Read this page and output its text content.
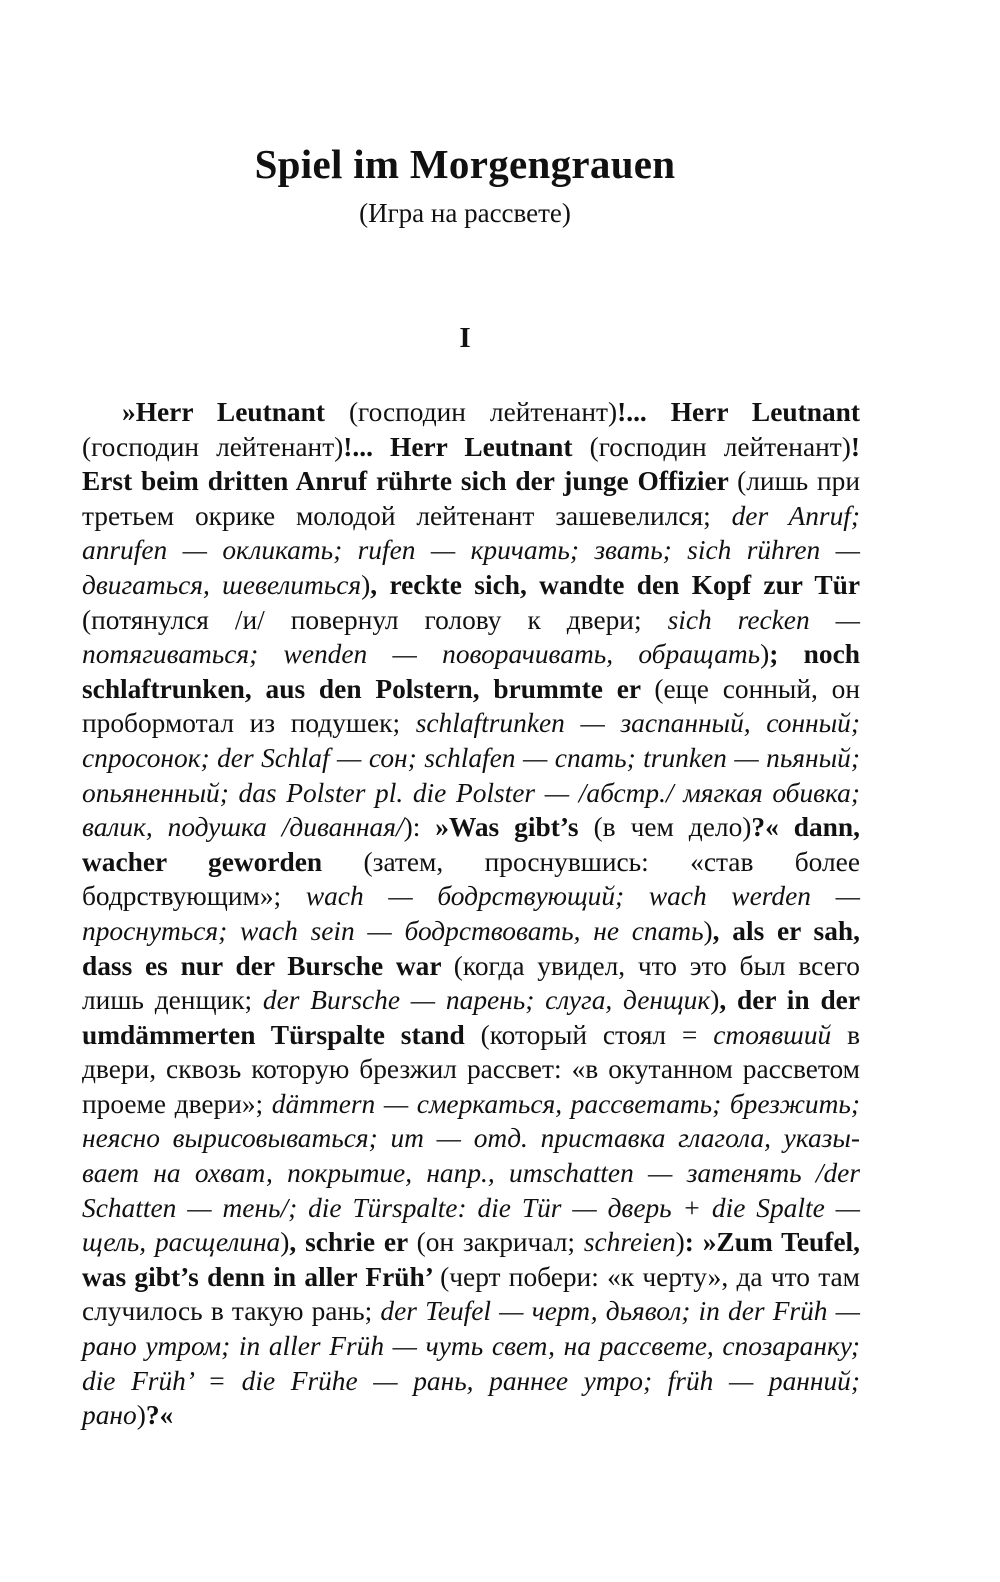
Spiel im Morgengrauen
(Игра на рассвете)
I

»Herr Leutnant (господин лейтенант)!... Herr Leutnant (господин лейтенант)!... Herr Leutnant (господин лейтенант)! Erst beim dritten Anruf rührte sich der junge Offizier (лишь при третьем окрике молодой лейтенант зашевелился; der Anruf; anrufen — окликать; rufen — кричать; звать; sich rühren — двигаться, шевелиться), reckte sich, wandte den Kopf zur Tür (потянулся /и/ повернул голову к двери; sich recken — потягиваться; wenden — поворачивать, обращать); noch schlaftrunken, aus den Polstern, brummte er (еще сонный, он пробормотал из подушек; schlaftrunken — заспанный, сонный; спросонок; der Schlaf — сон; schlafen — спать; trunken — пьяный; опьяненный; das Polster pl. die Polster — /абстр./ мягкая обивка; валик, подушка /диванная/): »Was gibt’s (в чем дело)?« dann, wacher geworden (затем, проснувшись: «став более бодрствующим»; wach — бодрствующий; wach werden — проснуться; wach sein — бодрствовать, не спать), als er sah, dass es nur der Bursche war (когда увидел, что это был всего лишь денщик; der Bursche — парень; слуга, денщик), der in der umdämmerten Türspalte stand (который стоял = стоявший в двери, сквозь которую брезжил рассвет: «в окутанном рассветом проеме двери»; dämmern — смеркаться, рассветать; брезжить; неясно вырисовываться; um — отд. приставка глагола, указывает на охват, покрытие, напр., umschatten — затенять /der Schatten — тень/; die Türspalte: die Tür — дверь + die Spalte — щель, расщелина), schrie er (он закричал; schreien): »Zum Teufel, was gibt’s denn in aller Früh’ (черт побери: «к черту», да что там случилось в такую рань; der Teufel — черт, дьявол; in der Früh — рано утром; in aller Früh — чуть свет, на рассвете, спозаранку; die Früh’ = die Frühe — рань, раннее утро; früh — ранний; рано)?«
